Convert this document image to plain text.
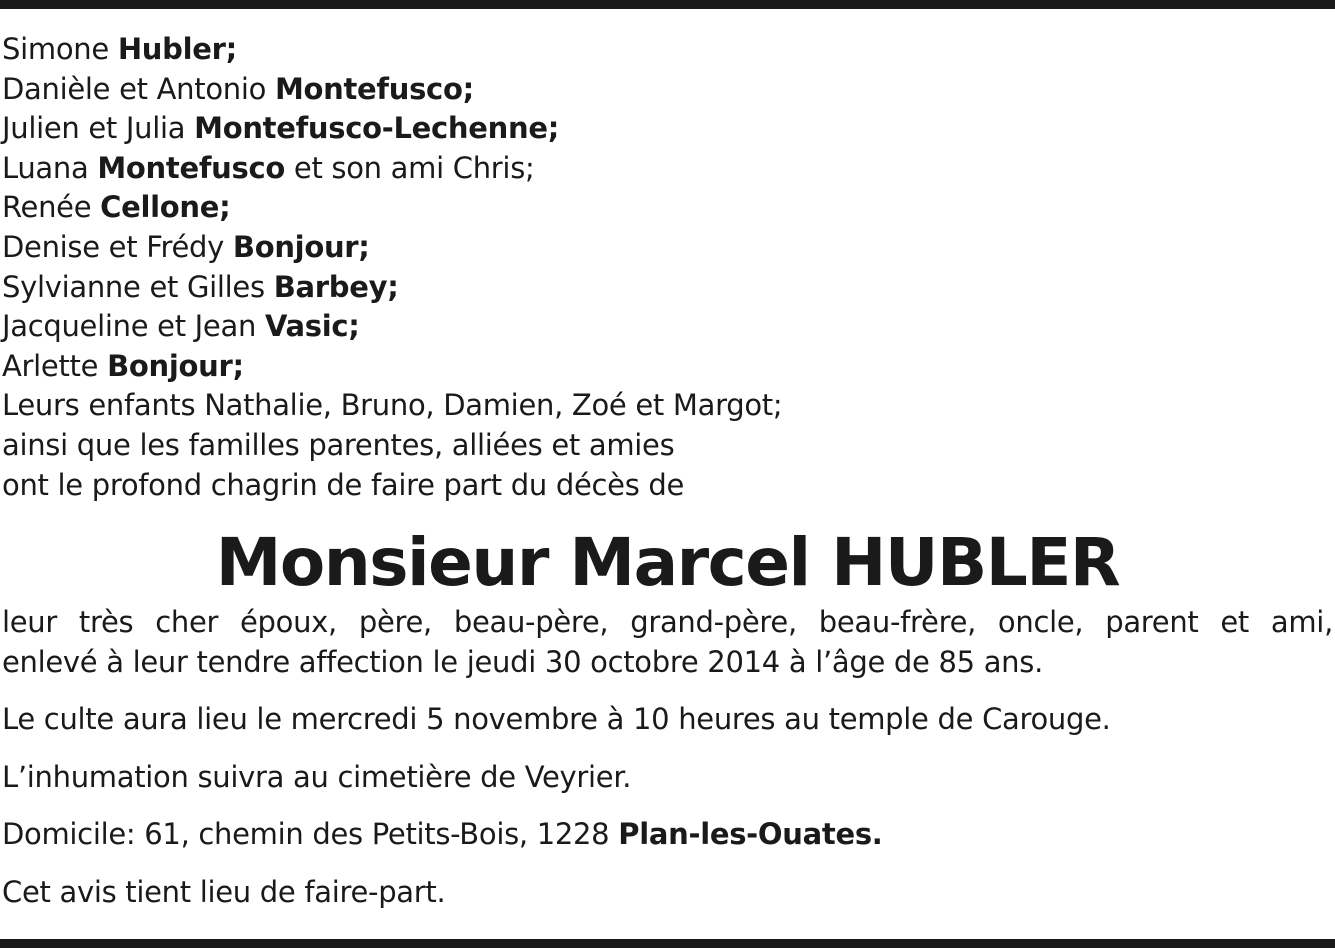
Simone Hubler;
Danièle et Antonio Montefusco;
Julien et Julia Montefusco-Lechenne;
Luana Montefusco et son ami Chris;
Renée Cellone;
Denise et Frédy Bonjour;
Sylvianne et Gilles Barbey;
Jacqueline et Jean Vasic;
Arlette Bonjour;
Leurs enfants Nathalie, Bruno, Damien, Zoé et Margot;
ainsi que les familles parentes, alliées et amies
ont le profond chagrin de faire part du décès de
Monsieur Marcel HUBLER

leur très cher époux, père, beau-père, grand-père, beau-frère, oncle, parent et ami,
enlevé à leur tendre affection le jeudi 30 octobre 2014 à l’âge de 85 ans.

Le culte aura lieu le mercredi 5 novembre à 10 heures au temple de Carouge.

L’inhumation suivra au cimetière de Veyrier.

Domicile: 61, chemin des Petits-Bois, 1228 Plan-les-Ouates.

Cet avis tient lieu de faire-part.
